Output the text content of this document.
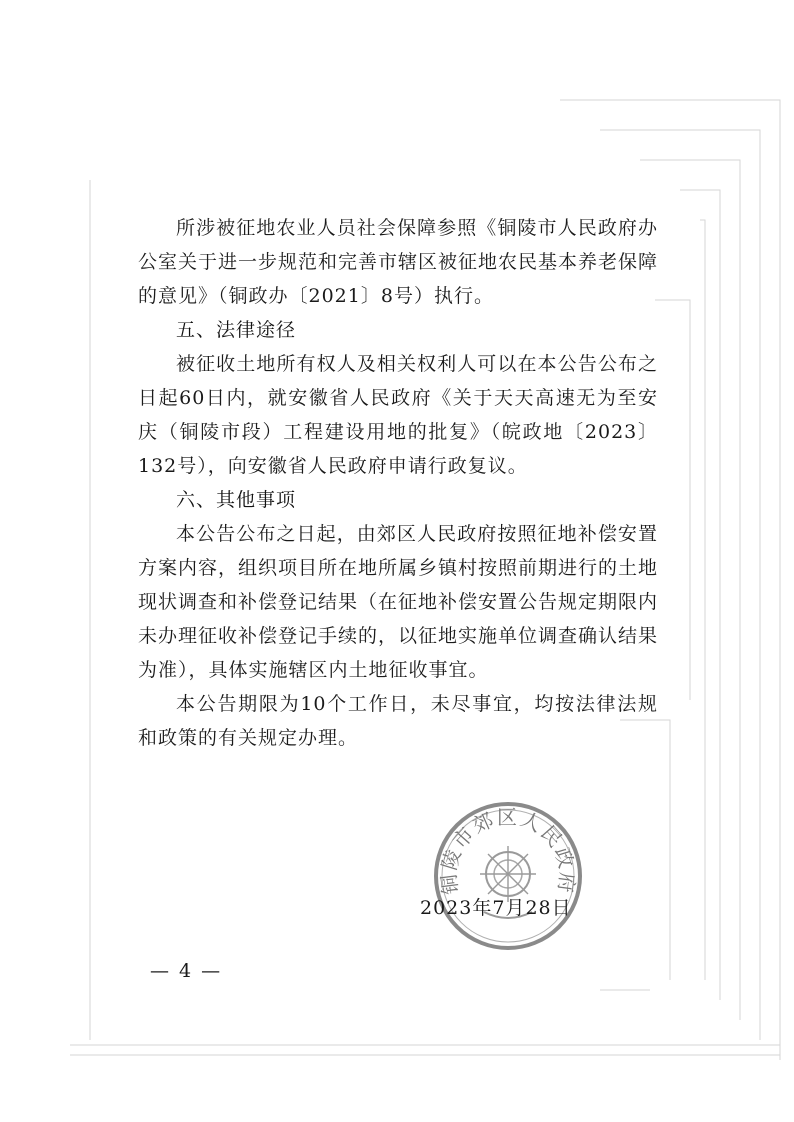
所涉被征地农业人员社会保障参照《铜陵市人民政府办公室关于进一步规范和完善市辖区被征地农民基本养老保障的意见》（铜政办〔2021〕8号）执行。

五、法律途径

被征收土地所有权人及相关权利人可以在本公告公布之日起60日内，就安徽省人民政府《关于天天高速无为至安庆（铜陵市段）工程建设用地的批复》（皖政地〔2023〕132号），向安徽省人民政府申请行政复议。

六、其他事项

本公告公布之日起，由郊区人民政府按照征地补偿安置方案内容，组织项目所在地所属乡镇村按照前期进行的土地现状调查和补偿登记结果（在征地补偿安置公告规定期限内未办理征收补偿登记手续的，以征地实施单位调查确认结果为准），具体实施辖区内土地征收事宜。

本公告期限为10个工作日，未尽事宜，均按法律法规和政策的有关规定办理。

铜陵市郊区人民政府
2023年7月28日
— 4 —
